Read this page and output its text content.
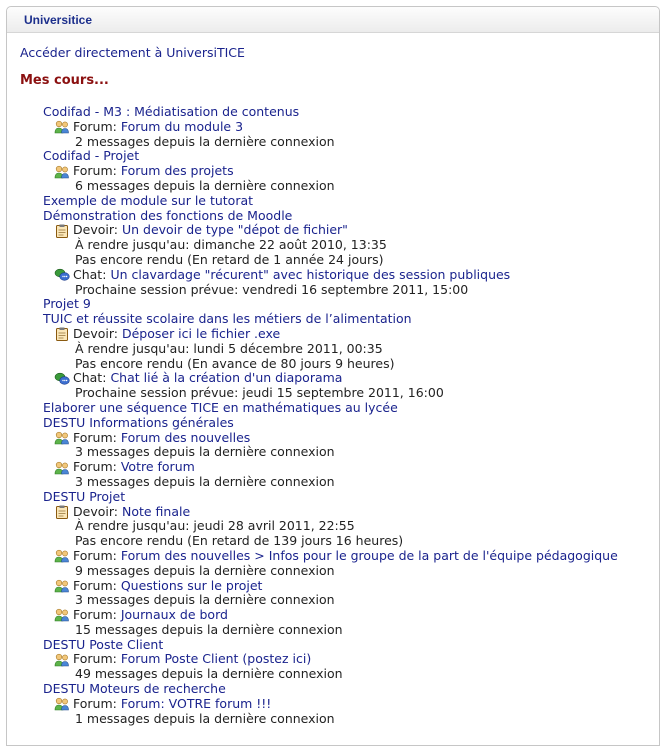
Universitice
Accéder directement à UniversiTICE
Mes cours...
Codifad - M3 : Médiatisation de contenus
Forum: Forum du module 3
2 messages depuis la dernière connexion
Codifad - Projet
Forum: Forum des projets
6 messages depuis la dernière connexion
Exemple de module sur le tutorat
Démonstration des fonctions de Moodle
Devoir: Un devoir de type "dépot de fichier"
À rendre jusqu'au: dimanche 22 août 2010, 13:35
Pas encore rendu (En retard de 1 année 24 jours)
Chat: Un clavardage "récurent" avec historique des session publiques
Prochaine session prévue: vendredi 16 septembre 2011, 15:00
Projet 9
TUIC et réussite scolaire dans les métiers de l’alimentation
Devoir: Déposer ici le fichier .exe
À rendre jusqu'au: lundi 5 décembre 2011, 00:35
Pas encore rendu (En avance de 80 jours 9 heures)
Chat: Chat lié à la création d'un diaporama
Prochaine session prévue: jeudi 15 septembre 2011, 16:00
Elaborer une séquence TICE en mathématiques au lycée
DESTU Informations générales
Forum: Forum des nouvelles
3 messages depuis la dernière connexion
Forum: Votre forum
3 messages depuis la dernière connexion
DESTU Projet
Devoir: Note finale
À rendre jusqu'au: jeudi 28 avril 2011, 22:55
Pas encore rendu (En retard de 139 jours 16 heures)
Forum: Forum des nouvelles > Infos pour le groupe de la part de l'équipe pédagogique
9 messages depuis la dernière connexion
Forum: Questions sur le projet
3 messages depuis la dernière connexion
Forum: Journaux de bord
15 messages depuis la dernière connexion
DESTU Poste Client
Forum: Forum Poste Client (postez ici)
49 messages depuis la dernière connexion
DESTU Moteurs de recherche
Forum: Forum: VOTRE forum !!!
1 messages depuis la dernière connexion
